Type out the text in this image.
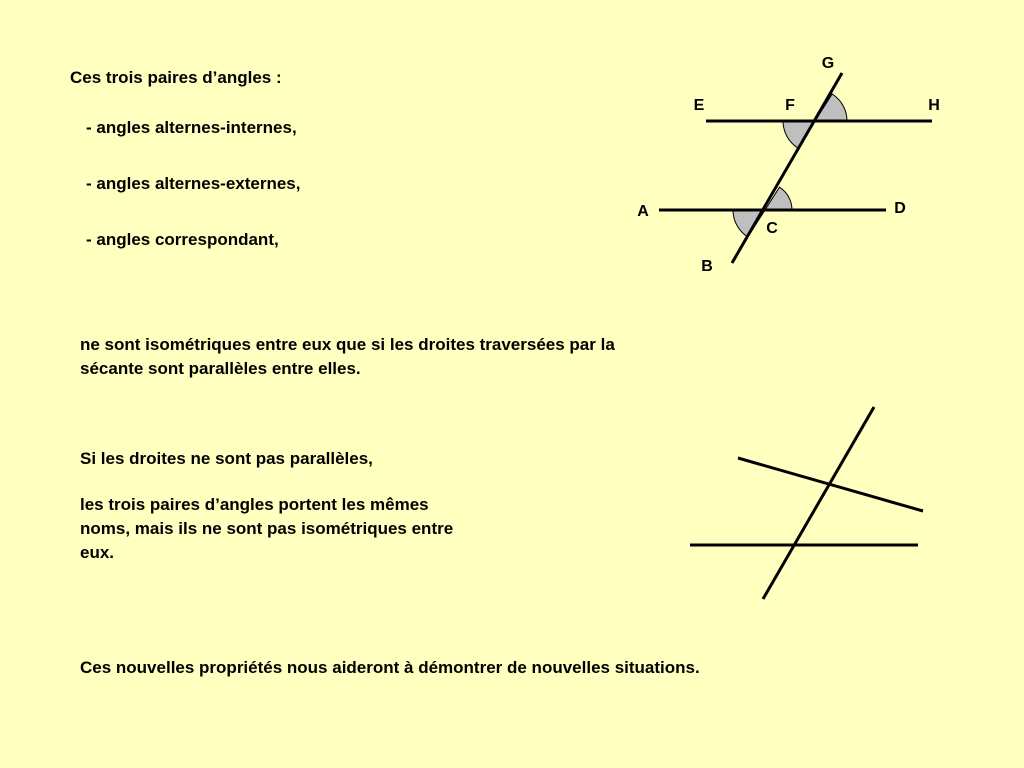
Ces trois paires d’angles :

- angles alternes-internes,

- angles alternes-externes,

- angles correspondant,

ne sont isométriques entre eux que si les droites traversées par la
sécante sont parallèles entre elles.

Si les droites ne sont pas parallèles,

les trois paires d’angles portent les mêmes
noms, mais ils ne sont pas isométriques entre
eux.

Ces nouvelles propriétés nous aideront à démontrer de nouvelles situations.

G
E	F	H
A	D
C
B
